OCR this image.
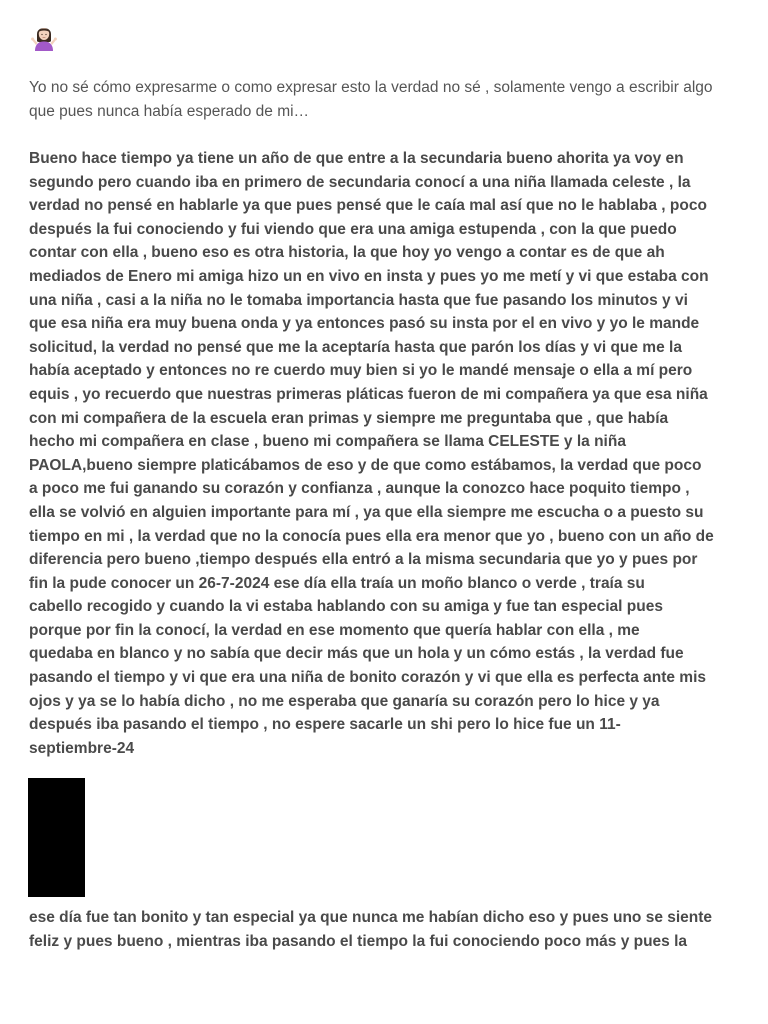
Yo no sé cómo expresarme o como expresar esto la verdad no sé , solamente vengo a escribir algo que pues nunca había esperado de mi…

Bueno hace tiempo ya tiene un año de que entre a la secundaria bueno ahorita ya voy en
segundo pero cuando iba en primero de secundaria conocí a una niña llamada celeste , la
verdad no pensé en hablarle ya que pues pensé que le caía mal así que no le hablaba , poco
después la fui conociendo y fui viendo que era una amiga estupenda , con la que puedo
contar con ella , bueno eso es otra historia, la que hoy yo vengo a contar es de que ah
mediados de Enero mi amiga hizo un en vivo en insta y pues yo me metí y vi que estaba con
una niña , casi a la niña no le tomaba importancia hasta que fue pasando los minutos y vi
que esa niña era muy buena onda y ya entonces pasó su insta por el en vivo y yo le mande
solicitud, la verdad no pensé que me la aceptaría hasta que parón los días y vi que me la
había aceptado y entonces no re cuerdo muy bien si yo le mandé mensaje o ella a mí pero
equis , yo recuerdo que nuestras primeras pláticas fueron de mi compañera ya que esa niña
con mi compañera de la escuela eran primas y siempre me preguntaba que , que había
hecho mi compañera en clase , bueno mi compañera se llama CELESTE y la niña
PAOLA,bueno siempre platicábamos de eso y de que como estábamos, la verdad que poco
a poco me fui ganando su corazón y confianza , aunque la conozco hace poquito tiempo ,
ella se volvió en alguien importante para mí , ya que ella siempre me escucha o a puesto su
tiempo en mi , la verdad que no la conocía pues ella era menor que yo , bueno con un año de
diferencia pero bueno ,tiempo después ella entró a la misma secundaria que yo y pues por
fin la pude conocer un 26-7-2024 ese día ella traía un moño blanco o verde , traía su
cabello recogido y cuando la vi estaba hablando con su amiga y fue tan especial pues
porque por fin la conocí, la verdad en ese momento que quería hablar con ella , me
quedaba en blanco y no sabía que decir más que un hola y un cómo estás , la verdad fue
pasando el tiempo y vi que era una niña de bonito corazón y vi que ella es perfecta ante mis
ojos y ya se lo había dicho , no me esperaba que ganaría su corazón pero lo hice y ya
después iba pasando el tiempo , no espere sacarle un shi pero lo hice fue un 11-
septiembre-24

ese día fue tan bonito y tan especial ya que nunca me habían dicho eso y pues uno se siente
feliz y pues bueno , mientras iba pasando el tiempo la fui conociendo poco más y pues la
